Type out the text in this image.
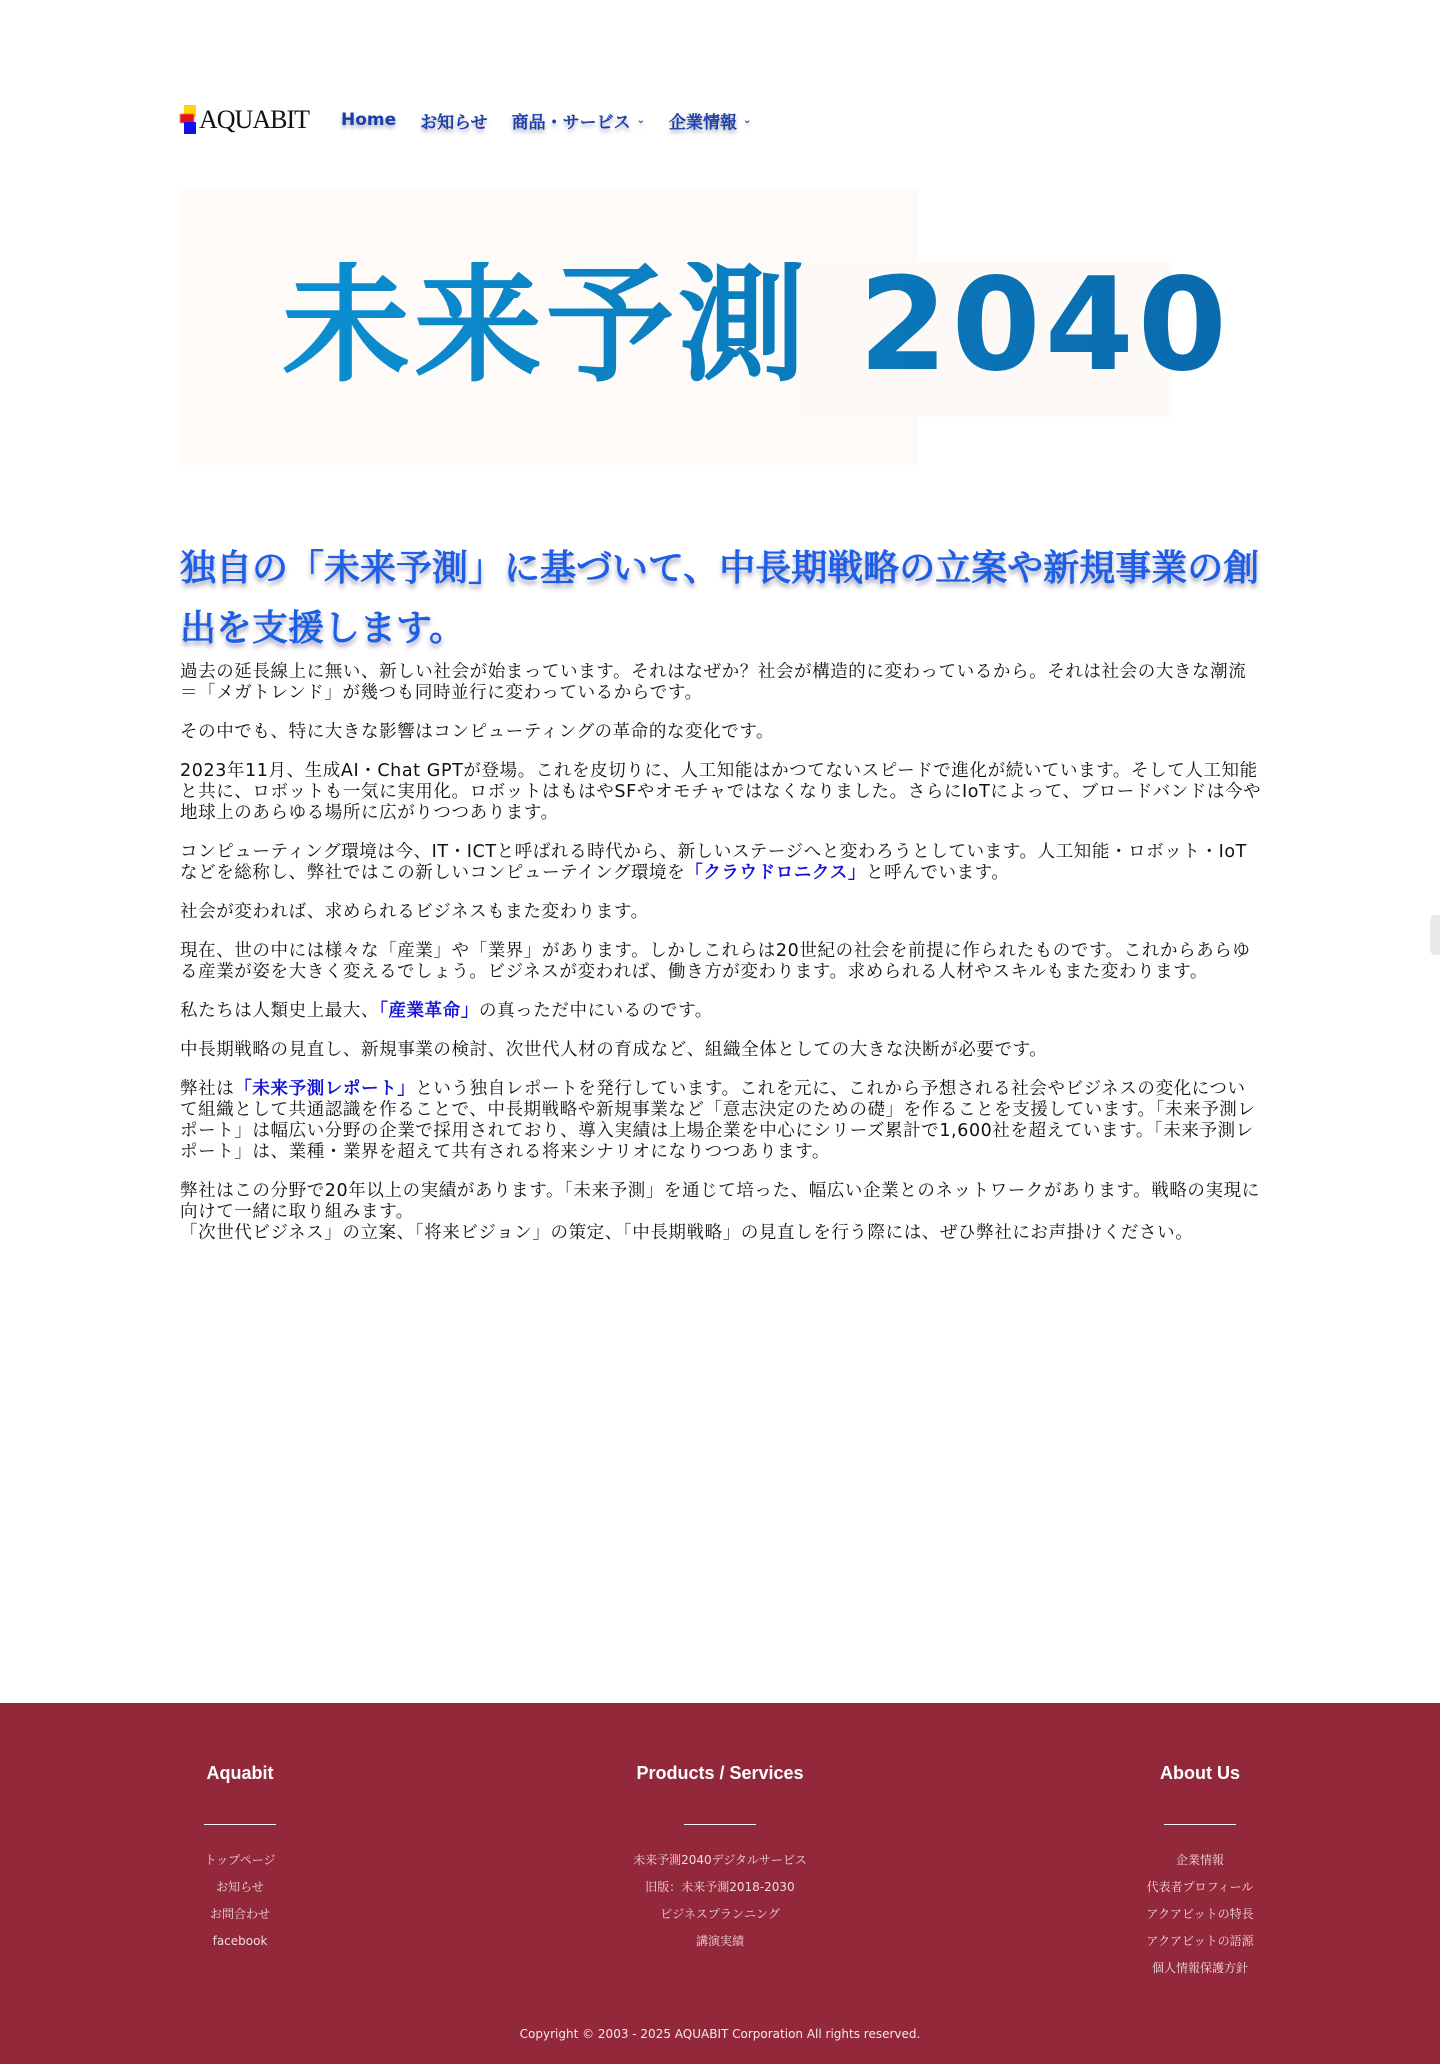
AQUABIT Home お知らせ 商品・サービス ⌄ 企業情報 ⌄
未来予測 2040
独自の「未来予測」に基づいて、中長期戦略の立案や新規事業の創出を支援します。

過去の延長線上に無い、新しい社会が始まっています。それはなぜか？社会が構造的に変わっているから。それは社会の大きな潮流＝「メガトレンド」が幾つも同時並行に変わっているからです。

その中でも、特に大きな影響はコンピューティングの革命的な変化です。

2023年11月、生成AI・Chat GPTが登場。これを皮切りに、人工知能はかつてないスピードで進化が続いています。そして人工知能と共に、ロボットも一気に実用化。ロボットはもはやSFやオモチャではなくなりました。さらにIoTによって、ブロードバンドは今や地球上のあらゆる場所に広がりつつあります。

コンピューティング環境は今、IT・ICTと呼ばれる時代から、新しいステージへと変わろうとしています。人工知能・ロボット・IoTなどを総称し、弊社ではこの新しいコンピューテイング環境を「クラウドロニクス」と呼んでいます。

社会が変われば、求められるビジネスもまた変わります。

現在、世の中には様々な「産業」や「業界」があります。しかしこれらは20世紀の社会を前提に作られたものです。これからあらゆる産業が姿を大きく変えるでしょう。ビジネスが変われば、働き方が変わります。求められる人材やスキルもまた変わります。

私たちは人類史上最大、「産業革命」の真っただ中にいるのです。

中長期戦略の見直し、新規事業の検討、次世代人材の育成など、組織全体としての大きな決断が必要です。

弊社は「未来予測レポート」という独自レポートを発行しています。これを元に、これから予想される社会やビジネスの変化について組織として共通認識を作ることで、中長期戦略や新規事業など「意志決定のための礎」を作ることを支援しています。「未来予測レポート」は幅広い分野の企業で採用されており、導入実績は上場企業を中心にシリーズ累計で1,600社を超えています。「未来予測レポート」は、業種・業界を超えて共有される将来シナリオになりつつあります。

弊社はこの分野で20年以上の実績があります。「未来予測」を通じて培った、幅広い企業とのネットワークがあります。戦略の実現に向けて一緒に取り組みます。
「次世代ビジネス」の立案、「将来ビジョン」の策定、「中長期戦略」の見直しを行う際には、ぜひ弊社にお声掛けください。

Aquabit
トップページ
お知らせ
お問合わせ
facebook
Products / Services
未来予測2040デジタルサービス
旧版：未来予測2018-2030
ビジネスプランニング
講演実績
About Us
企業情報
代表者プロフィール
アクアビットの特長
アクアビットの語源
個人情報保護方針
Copyright © 2003 - 2025 AQUABIT Corporation All rights reserved.
